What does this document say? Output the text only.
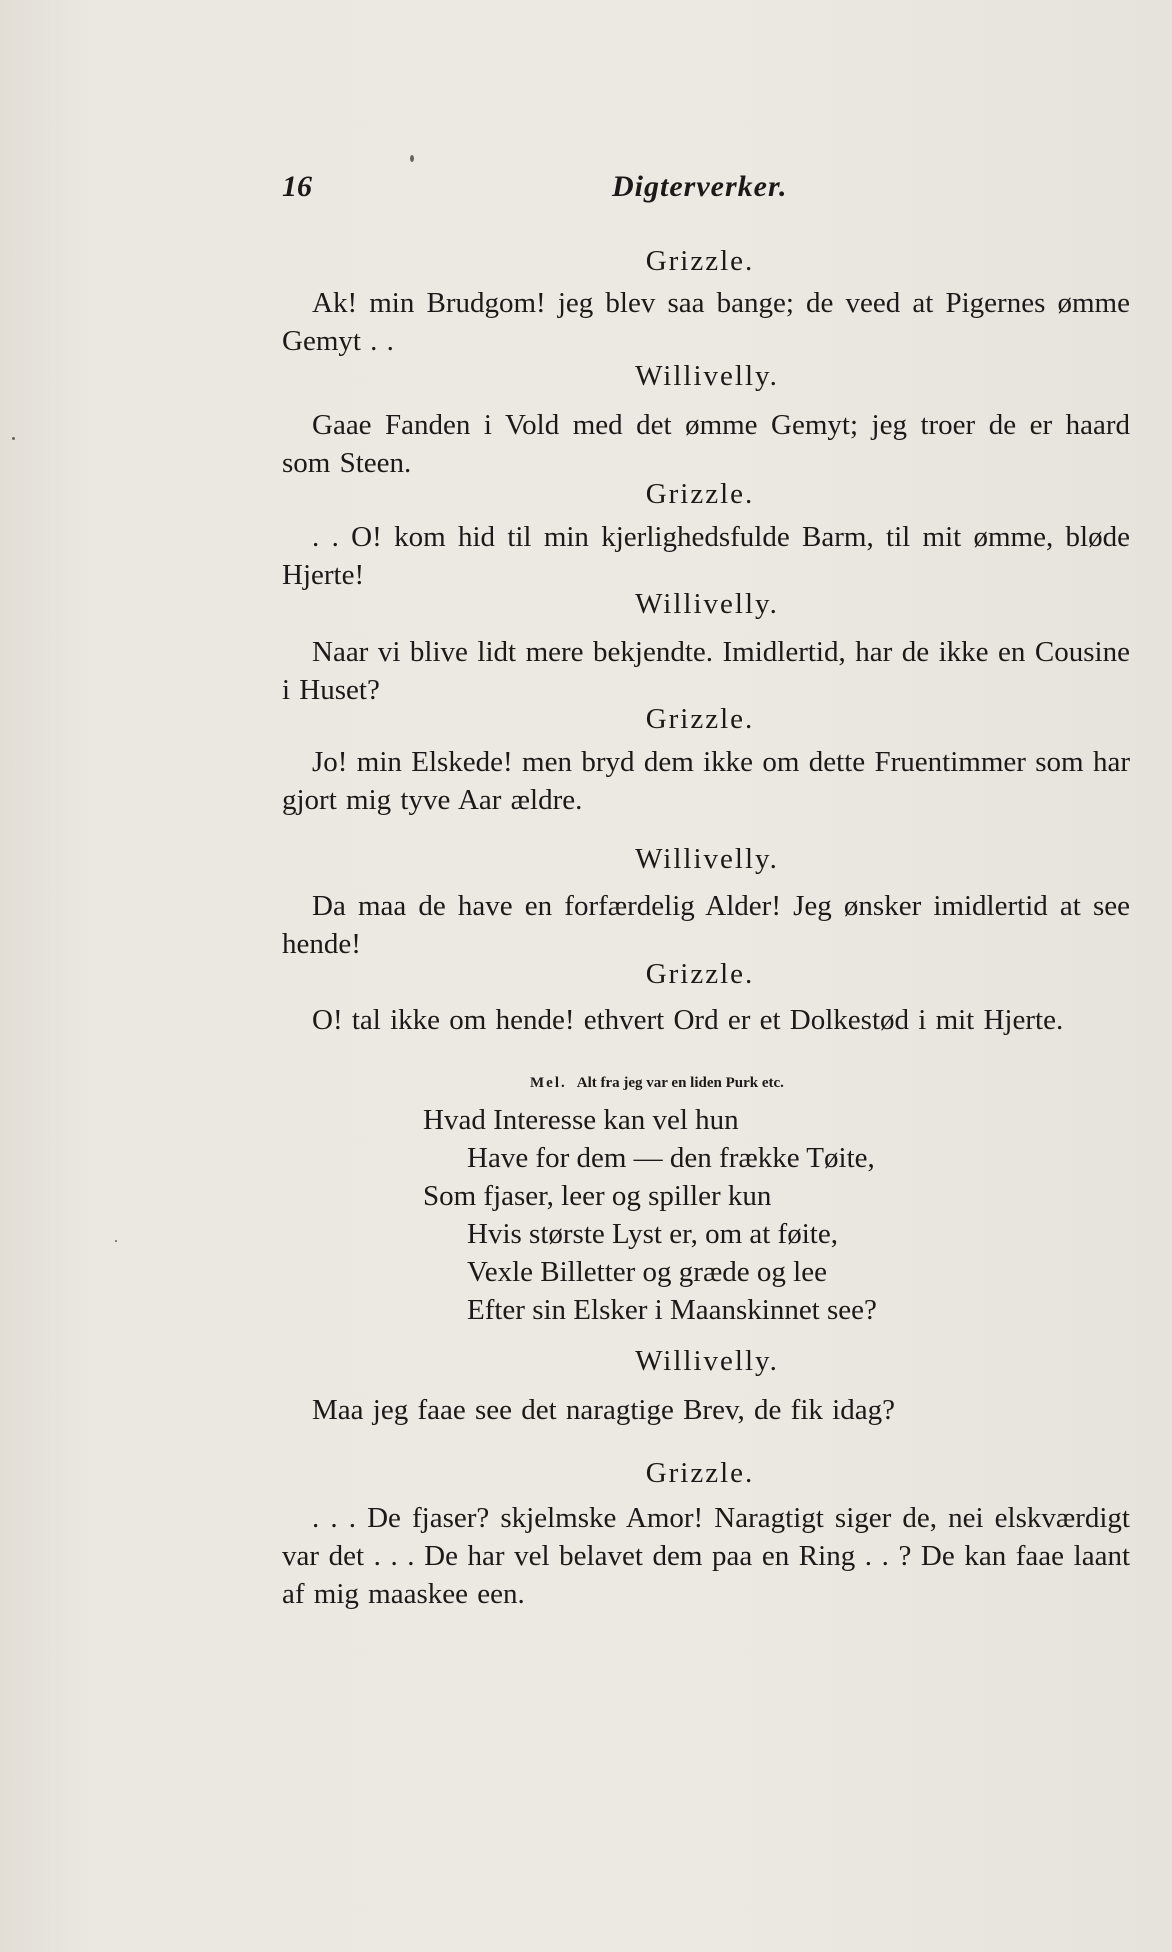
16	Digterverker.
Grizzle.
Ak! min Brudgom! jeg blev saa bange; de veed at Pigernes ømme Gemyt . .
Willivelly.
Gaae Fanden i Vold med det ømme Gemyt; jeg troer de er haard som Steen.
Grizzle.
. . O! kom hid til min kjerlighedsfulde Barm, til mit ømme, bløde Hjerte!
Willivelly.
Naar vi blive lidt mere bekjendte. Imidlertid, har de ikke en Cousine i Huset?
Grizzle.
Jo! min Elskede! men bryd dem ikke om dette Fruentimmer som har gjort mig tyve Aar ældre.
Willivelly.
Da maa de have en forfærdelig Alder! Jeg ønsker imidlertid at see hende!
Grizzle.
O! tal ikke om hende! ethvert Ord er et Dolkestød i mit Hjerte.
Mel. Alt fra jeg var en liden Purk etc.
Hvad Interesse kan vel hun
Have for dem — den frække Tøite,
Som fjaser, leer og spiller kun
Hvis største Lyst er, om at føite,
Vexle Billetter og græde og lee
Efter sin Elsker i Maanskinnet see?
Willivelly.
Maa jeg faae see det naragtige Brev, de fik idag?
Grizzle.
. . . De fjaser? skjelmske Amor! Naragtigt siger de, nei elskværdigt var det . . . De har vel belavet dem paa en Ring . . ? De kan faae laant af mig maaskee een.
